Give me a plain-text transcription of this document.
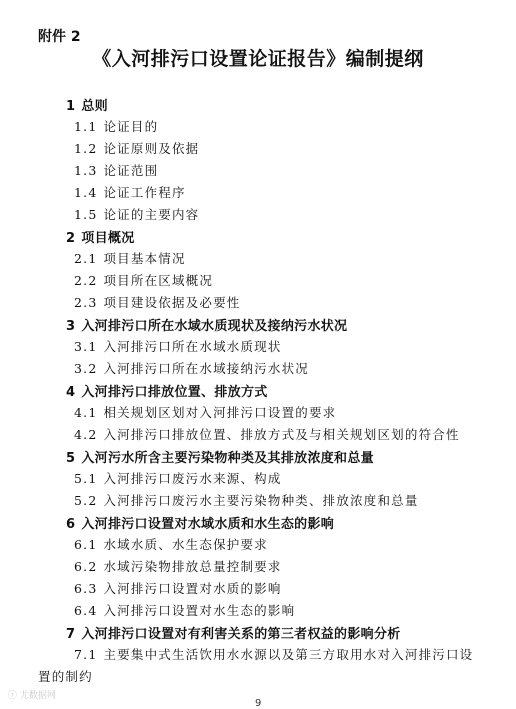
附件 2
《入河排污口设置论证报告》编制提纲
1 总则
1.1 论证目的
1.2 论证原则及依据
1.3 论证范围
1.4 论证工作程序
1.5 论证的主要内容
2 项目概况
2.1 项目基本情况
2.2 项目所在区域概况
2.3 项目建设依据及必要性
3 入河排污口所在水域水质现状及接纳污水状况
3.1 入河排污口所在水域水质现状
3.2 入河排污口所在水域接纳污水状况
4 入河排污口排放位置、排放方式
4.1 相关规划区划对入河排污口设置的要求
4.2 入河排污口排放位置、排放方式及与相关规划区划的符合性
5 入河污水所含主要污染物种类及其排放浓度和总量
5.1 入河排污口废污水来源、构成
5.2 入河排污口废污水主要污染物种类、排放浓度和总量
6 入河排污口设置对水域水质和水生态的影响
6.1 水域水质、水生态保护要求
6.2 水域污染物排放总量控制要求
6.3 入河排污口设置对水质的影响
6.4 入河排污口设置对水生态的影响
7 入河排污口设置对有利害关系的第三者权益的影响分析
7.1 主要集中式生活饮用水水源以及第三方取用水对入河排污口设
置的制约
ⓡ 尤数据网
9
